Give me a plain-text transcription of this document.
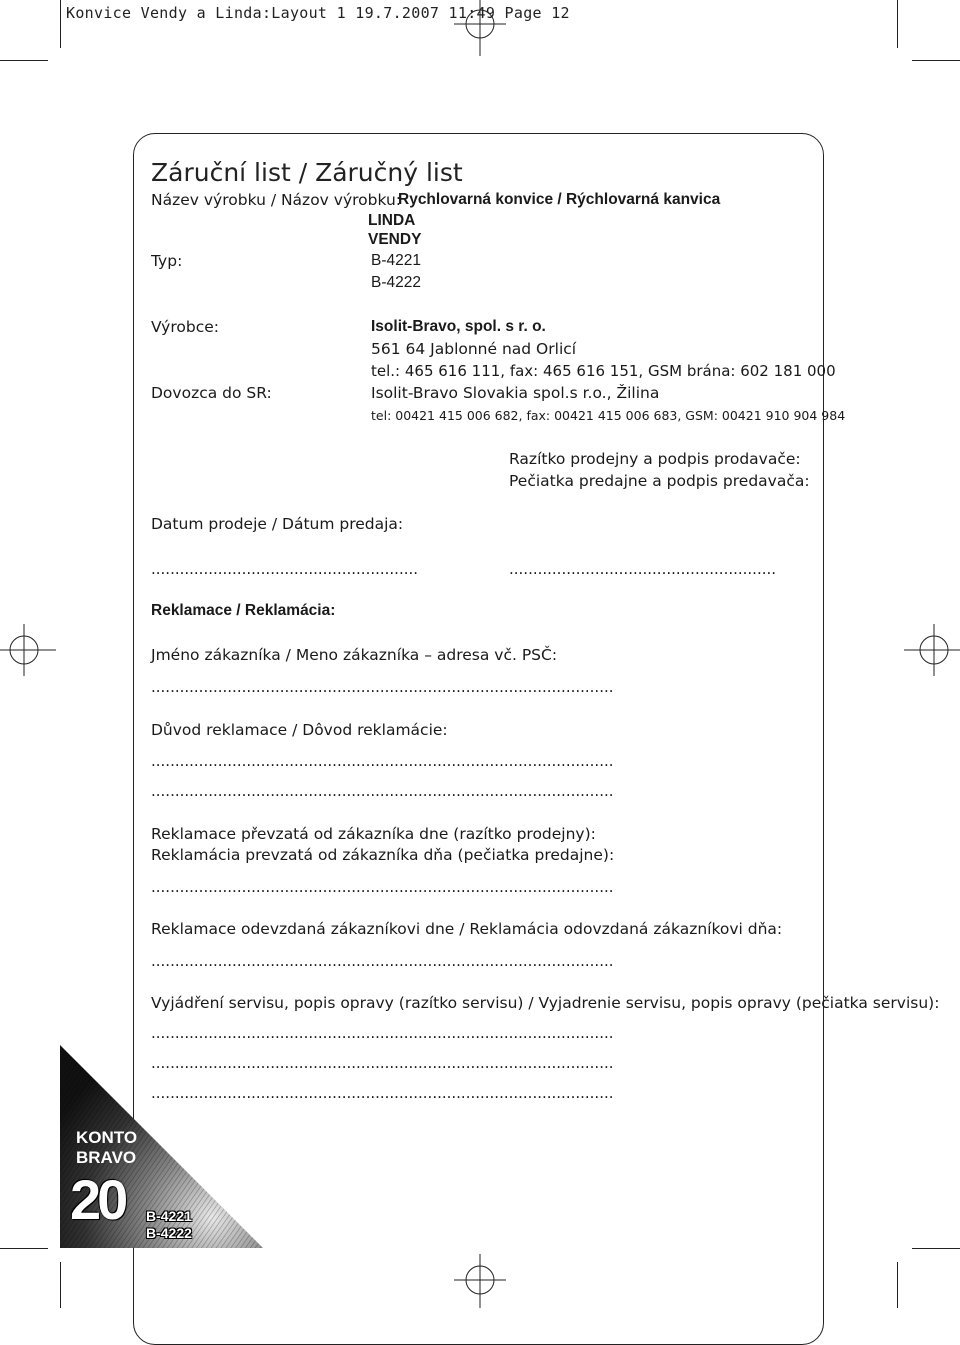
Konvice Vendy a Linda:Layout 1 19.7.2007 11:49 Page 12
Záruční list / Záručný list
Název výrobku / Názov výrobku:
Rychlovarná konvice / Rýchlovarná kanvica
LINDA
VENDY
Typ:	B-4221
B-4222
Výrobce:	Isolit-Bravo, spol. s r. o.
561 64 Jablonné nad Orlicí
tel.: 465 616 111, fax: 465 616 151, GSM brána: 602 181 000
Dovozca do SR:	Isolit-Bravo Slovakia spol.s r.o., Žilina
tel: 00421 415 006 682, fax: 00421 415 006 683, GSM: 00421 910 904 984
Razítko prodejny a podpis prodavače:
Pečiatka predajne a podpis predavača:
Datum prodeje / Dátum predaja:
........................................................	........................................................
Reklamace / Reklamácia:
Jméno zákazníka / Meno zákazníka – adresa vč. PSČ:
.................................................................................................
Důvod reklamace / Dôvod reklamácie:
.................................................................................................
.................................................................................................
Reklamace převzatá od zákazníka dne (razítko prodejny):
Reklamácia prevzatá od zákazníka dňa (pečiatka predajne):
.................................................................................................
Reklamace odevzdaná zákazníkovi dne / Reklamácia odovzdaná zákazníkovi dňa:
.................................................................................................
Vyjádření servisu, popis opravy (razítko servisu) / Vyjadrenie servisu, popis opravy (pečiatka servisu):
.................................................................................................
.................................................................................................
.................................................................................................
KONTO
BRAVO
20 B-4221
B-4222
